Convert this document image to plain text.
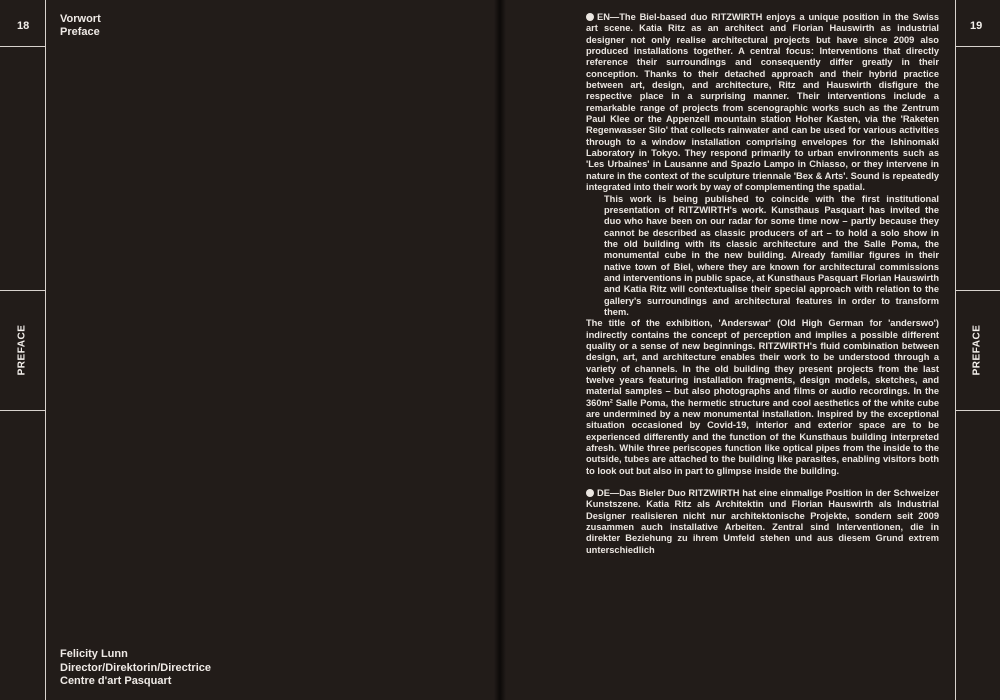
18
PREFACE
Vorwort
Preface
Felicity Lunn
Director/Direktorin/Directrice
Centre d'art Pasquart
19
PREFACE

EN—The Biel-based duo RITZWIRTH enjoys a unique position in the Swiss art scene. Katia Ritz as an architect and Florian Hauswirth as industrial designer not only realise architectural projects but have since 2009 also produced installations together. A central focus: Interventions that directly reference their surroundings and consequently differ greatly in their conception. Thanks to their detached approach and their hybrid practice between art, design, and architecture, Ritz and Hauswirth disfigure the respective place in a surprising manner. Their interventions include a remarkable range of projects from scenographic works such as the Zentrum Paul Klee or the Appenzell mountain station Hoher Kasten, via the 'Raketen Regenwasser Silo' that collects rainwater and can be used for various activities through to a window installation comprising envelopes for the Ishinomaki Laboratory in Tokyo. They respond primarily to urban environments such as 'Les Urbaines' in Lausanne and Spazio Lampo in Chiasso, or they intervene in nature in the context of the sculpture triennale 'Bex & Arts'. Sound is repeatedly integrated into their work by way of complementing the spatial.

This work is being published to coincide with the first institutional presentation of RITZWIRTH's work. Kunsthaus Pasquart has invited the duo who have been on our radar for some time now – partly because they cannot be described as classic producers of art – to hold a solo show in the old building with its classic architecture and the Salle Poma, the monumental cube in the new building. Already familiar figures in their native town of Biel, where they are known for architectural commissions and interventions in public space, at Kunsthaus Pasquart Florian Hauswirth and Katia Ritz will contextualise their special approach with relation to the gallery's surroundings and architectural features in order to transform them.

The title of the exhibition, 'Anderswar' (Old High German for 'anderswo') indirectly contains the concept of perception and implies a possible different quality or a sense of new beginnings. RITZWIRTH's fluid combination between design, art, and architecture enables their work to be understood through a variety of channels. In the old building they present projects from the last twelve years featuring installation fragments, design models, sketches, and material samples – but also photographs and films or audio recordings. In the 360m² Salle Poma, the hermetic structure and cool aesthetics of the white cube are undermined by a new monumental installation. Inspired by the exceptional situation occasioned by Covid-19, interior and exterior space are to be experienced differently and the function of the Kunsthaus building interpreted afresh. While three periscopes function like optical pipes from the inside to the outside, tubes are attached to the building like parasites, enabling visitors both to look out but also in part to glimpse inside the building.

DE—Das Bieler Duo RITZWIRTH hat eine einmalige Position in der Schweizer Kunstszene. Katia Ritz als Architektin und Florian Hauswirth als Industrial Designer realisieren nicht nur architektonische Projekte, sondern seit 2009 zusammen auch installative Arbeiten. Zentral sind Interventionen, die in direkter Beziehung zu ihrem Umfeld stehen und aus diesem Grund extrem unterschiedlich
